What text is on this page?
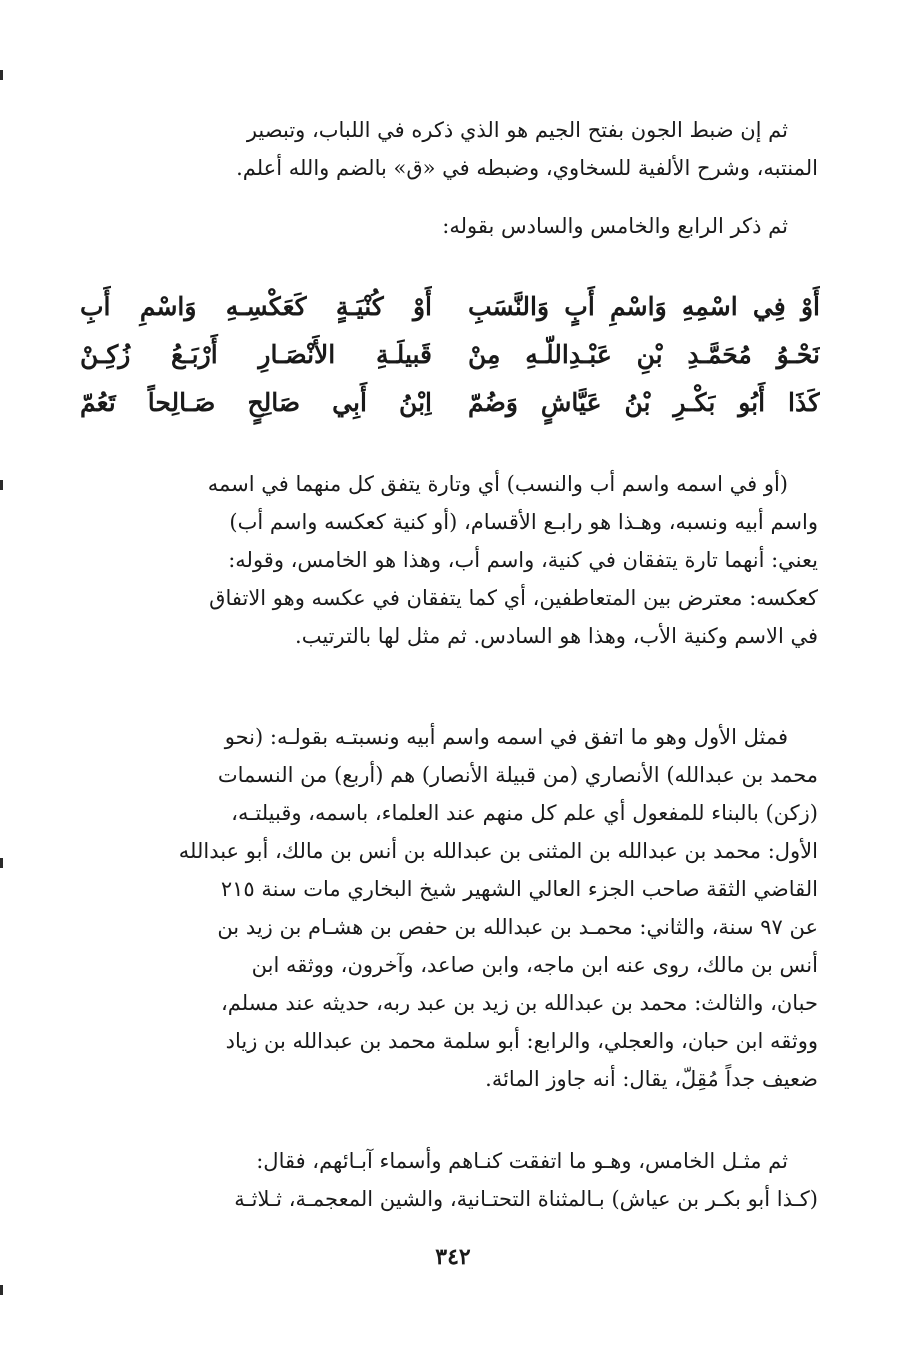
ثم إن ضبط الجون بفتح الجيم هو الذي ذكره في اللباب، وتبصير
المنتبه، وشرح الألفية للسخاوي، وضبطه في «ق» بالضم والله أعلم.
ثم ذكر الرابع والخامس والسادس بقوله:
أَوْ فِي اسْمِهِ وَاسْمِ أَبٍ وَالنَّسَبِ
أَوْ كُنْيَـةٍ كَعَكْسِـهِ وَاسْمِ أَبِ
نَحْـوُ مُحَمَّـدِ بْنِ عَبْـدِاللّـهِ مِنْ
قَبيلَـةِ الأَنْصَـارِ أَرْبَـعُ زُكِـنْ
كَذَا أَبُو بَكْـرِ بْنُ عَيَّاشٍ وَضُمّ
اِبْنُ أَبِي صَالِحٍ صَـالِحاً تَعُمّ
(أو في اسمه واسم أب والنسب) أي وتارة يتفق كل منهما في اسمه
واسم أبيه ونسبه، وهـذا هو رابـع الأقسام، (أو كنية كعكسه واسم أب)
يعني: أنهما تارة يتفقان في كنية، واسم أب، وهذا هو الخامس، وقوله:
كعكسه: معترض بين المتعاطفين، أي كما يتفقان في عكسه وهو الاتفاق
في الاسم وكنية الأب، وهذا هو السادس. ثم مثل لها بالترتيب.
فمثل الأول وهو ما اتفق في اسمه واسم أبيه ونسبتـه بقولـه: (نحو
محمد بن عبدالله) الأنصاري (من قبيلة الأنصار) هم (أربع) من النسمات
(زكن) بالبناء للمفعول أي علم كل منهم عند العلماء، باسمه، وقبيلتـه،
الأول: محمد بن عبدالله بن المثنى بن عبدالله بن أنس بن مالك، أبو عبدالله
القاضي الثقة صاحب الجزء العالي الشهير شيخ البخاري مات سنة ٢١٥
عن ٩٧ سنة، والثاني: محمـد بن عبدالله بن حفص بن هشـام بن زيد بن
أنس بن مالك، روى عنه ابن ماجه، وابن صاعد، وآخرون، ووثقه ابن
حبان، والثالث: محمد بن عبدالله بن زيد بن عبد ربه، حديثه عند مسلم،
ووثقه ابن حبان، والعجلي، والرابع: أبو سلمة محمد بن عبدالله بن زياد
ضعيف جداً مُقِلّ، يقال: أنه جاوز المائة.
ثم مثـل الخامس، وهـو ما اتفقت كنـاهم وأسماء آبـائهم، فقال:
(كـذا أبو بكـر بن عياش) بـالمثناة التحتـانية، والشين المعجمـة، ثـلاثـة
٣٤٢
